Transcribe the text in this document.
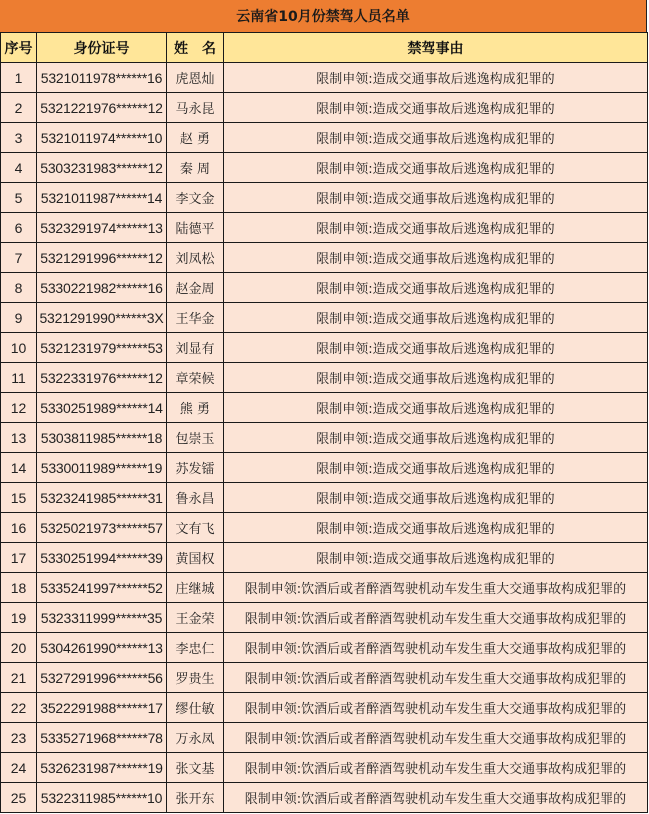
云南省10月份禁驾人员名单
序号	身份证号	姓　名	禁驾事由
1	5321011978******16	虎恩灿	限制申领:造成交通事故后逃逸构成犯罪的
2	5321221976******12	马永昆	限制申领:造成交通事故后逃逸构成犯罪的
3	5321011974******10	赵 勇	限制申领:造成交通事故后逃逸构成犯罪的
4	5303231983******12	秦 周	限制申领:造成交通事故后逃逸构成犯罪的
5	5321011987******14	李文金	限制申领:造成交通事故后逃逸构成犯罪的
6	5323291974******13	陆德平	限制申领:造成交通事故后逃逸构成犯罪的
7	5321291996******12	刘凤松	限制申领:造成交通事故后逃逸构成犯罪的
8	5330221982******16	赵金周	限制申领:造成交通事故后逃逸构成犯罪的
9	5321291990******3X	王华金	限制申领:造成交通事故后逃逸构成犯罪的
10	5321231979******53	刘显有	限制申领:造成交通事故后逃逸构成犯罪的
11	5322331976******12	章荣候	限制申领:造成交通事故后逃逸构成犯罪的
12	5330251989******14	熊 勇	限制申领:造成交通事故后逃逸构成犯罪的
13	5303811985******18	包崇玉	限制申领:造成交通事故后逃逸构成犯罪的
14	5330011989******19	苏发镭	限制申领:造成交通事故后逃逸构成犯罪的
15	5323241985******31	鲁永昌	限制申领:造成交通事故后逃逸构成犯罪的
16	5325021973******57	文有飞	限制申领:造成交通事故后逃逸构成犯罪的
17	5330251994******39	黄国权	限制申领:造成交通事故后逃逸构成犯罪的
18	5335241997******52	庄继城	限制申领:饮酒后或者醉酒驾驶机动车发生重大交通事故构成犯罪的
19	5323311999******35	王金荣	限制申领:饮酒后或者醉酒驾驶机动车发生重大交通事故构成犯罪的
20	5304261990******13	李忠仁	限制申领:饮酒后或者醉酒驾驶机动车发生重大交通事故构成犯罪的
21	5327291996******56	罗贵生	限制申领:饮酒后或者醉酒驾驶机动车发生重大交通事故构成犯罪的
22	3522291988******17	缪仕敏	限制申领:饮酒后或者醉酒驾驶机动车发生重大交通事故构成犯罪的
23	5335271968******78	万永凤	限制申领:饮酒后或者醉酒驾驶机动车发生重大交通事故构成犯罪的
24	5326231987******19	张文基	限制申领:饮酒后或者醉酒驾驶机动车发生重大交通事故构成犯罪的
25	5322311985******10	张开东	限制申领:饮酒后或者醉酒驾驶机动车发生重大交通事故构成犯罪的
